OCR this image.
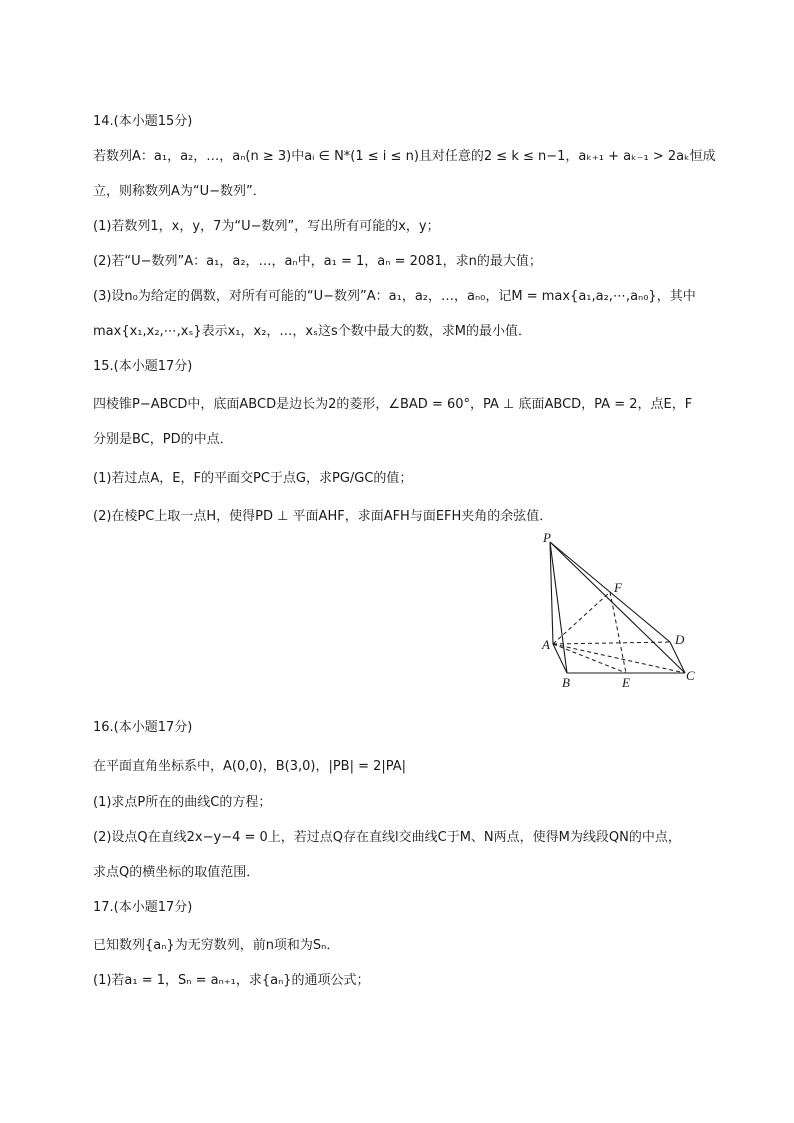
14.(本小题15分)
若数列A：a₁，a₂，…，aₙ(n ≥ 3)中aᵢ ∈ N*(1 ≤ i ≤ n)且对任意的2 ≤ k ≤ n−1，aₖ₊₁ + aₖ₋₁ > 2aₖ恒成
立，则称数列A为“U−数列”．
(1)若数列1，x，y，7为“U−数列”，写出所有可能的x，y；
(2)若“U−数列”A：a₁，a₂，…，aₙ中，a₁ = 1，aₙ = 2081，求n的最大值；
(3)设n₀为给定的偶数，对所有可能的“U−数列”A：a₁，a₂，…，aₙ₀，记M = max{a₁,a₂,⋯,aₙ₀}，其中
max{x₁,x₂,⋯,xₛ}表示x₁，x₂，…，xₛ这s个数中最大的数，求M的最小值．
15.(本小题17分)
四棱锥P−ABCD中，底面ABCD是边长为2的菱形，∠BAD = 60°，PA ⊥ 底面ABCD，PA = 2，点E，F
分别是BC，PD的中点．
(1)若过点A，E，F的平面交PC于点G，求PG/GC的值；
(2)在棱PC上取一点H，使得PD ⊥ 平面AHF，求面AFH与面EFH夹角的余弦值．
P
F
A	D
B	E	C
16.(本小题17分)
在平面直角坐标系中，A(0,0)，B(3,0)，|PB| = 2|PA|
(1)求点P所在的曲线C的方程；
(2)设点Q在直线2x−y−4 = 0上，若过点Q存在直线l交曲线C于M、N两点，使得M为线段QN的中点，
求点Q的横坐标的取值范围．
17.(本小题17分)
已知数列{aₙ}为无穷数列，前n项和为Sₙ．
(1)若a₁ = 1，Sₙ = aₙ₊₁，求{aₙ}的通项公式；
